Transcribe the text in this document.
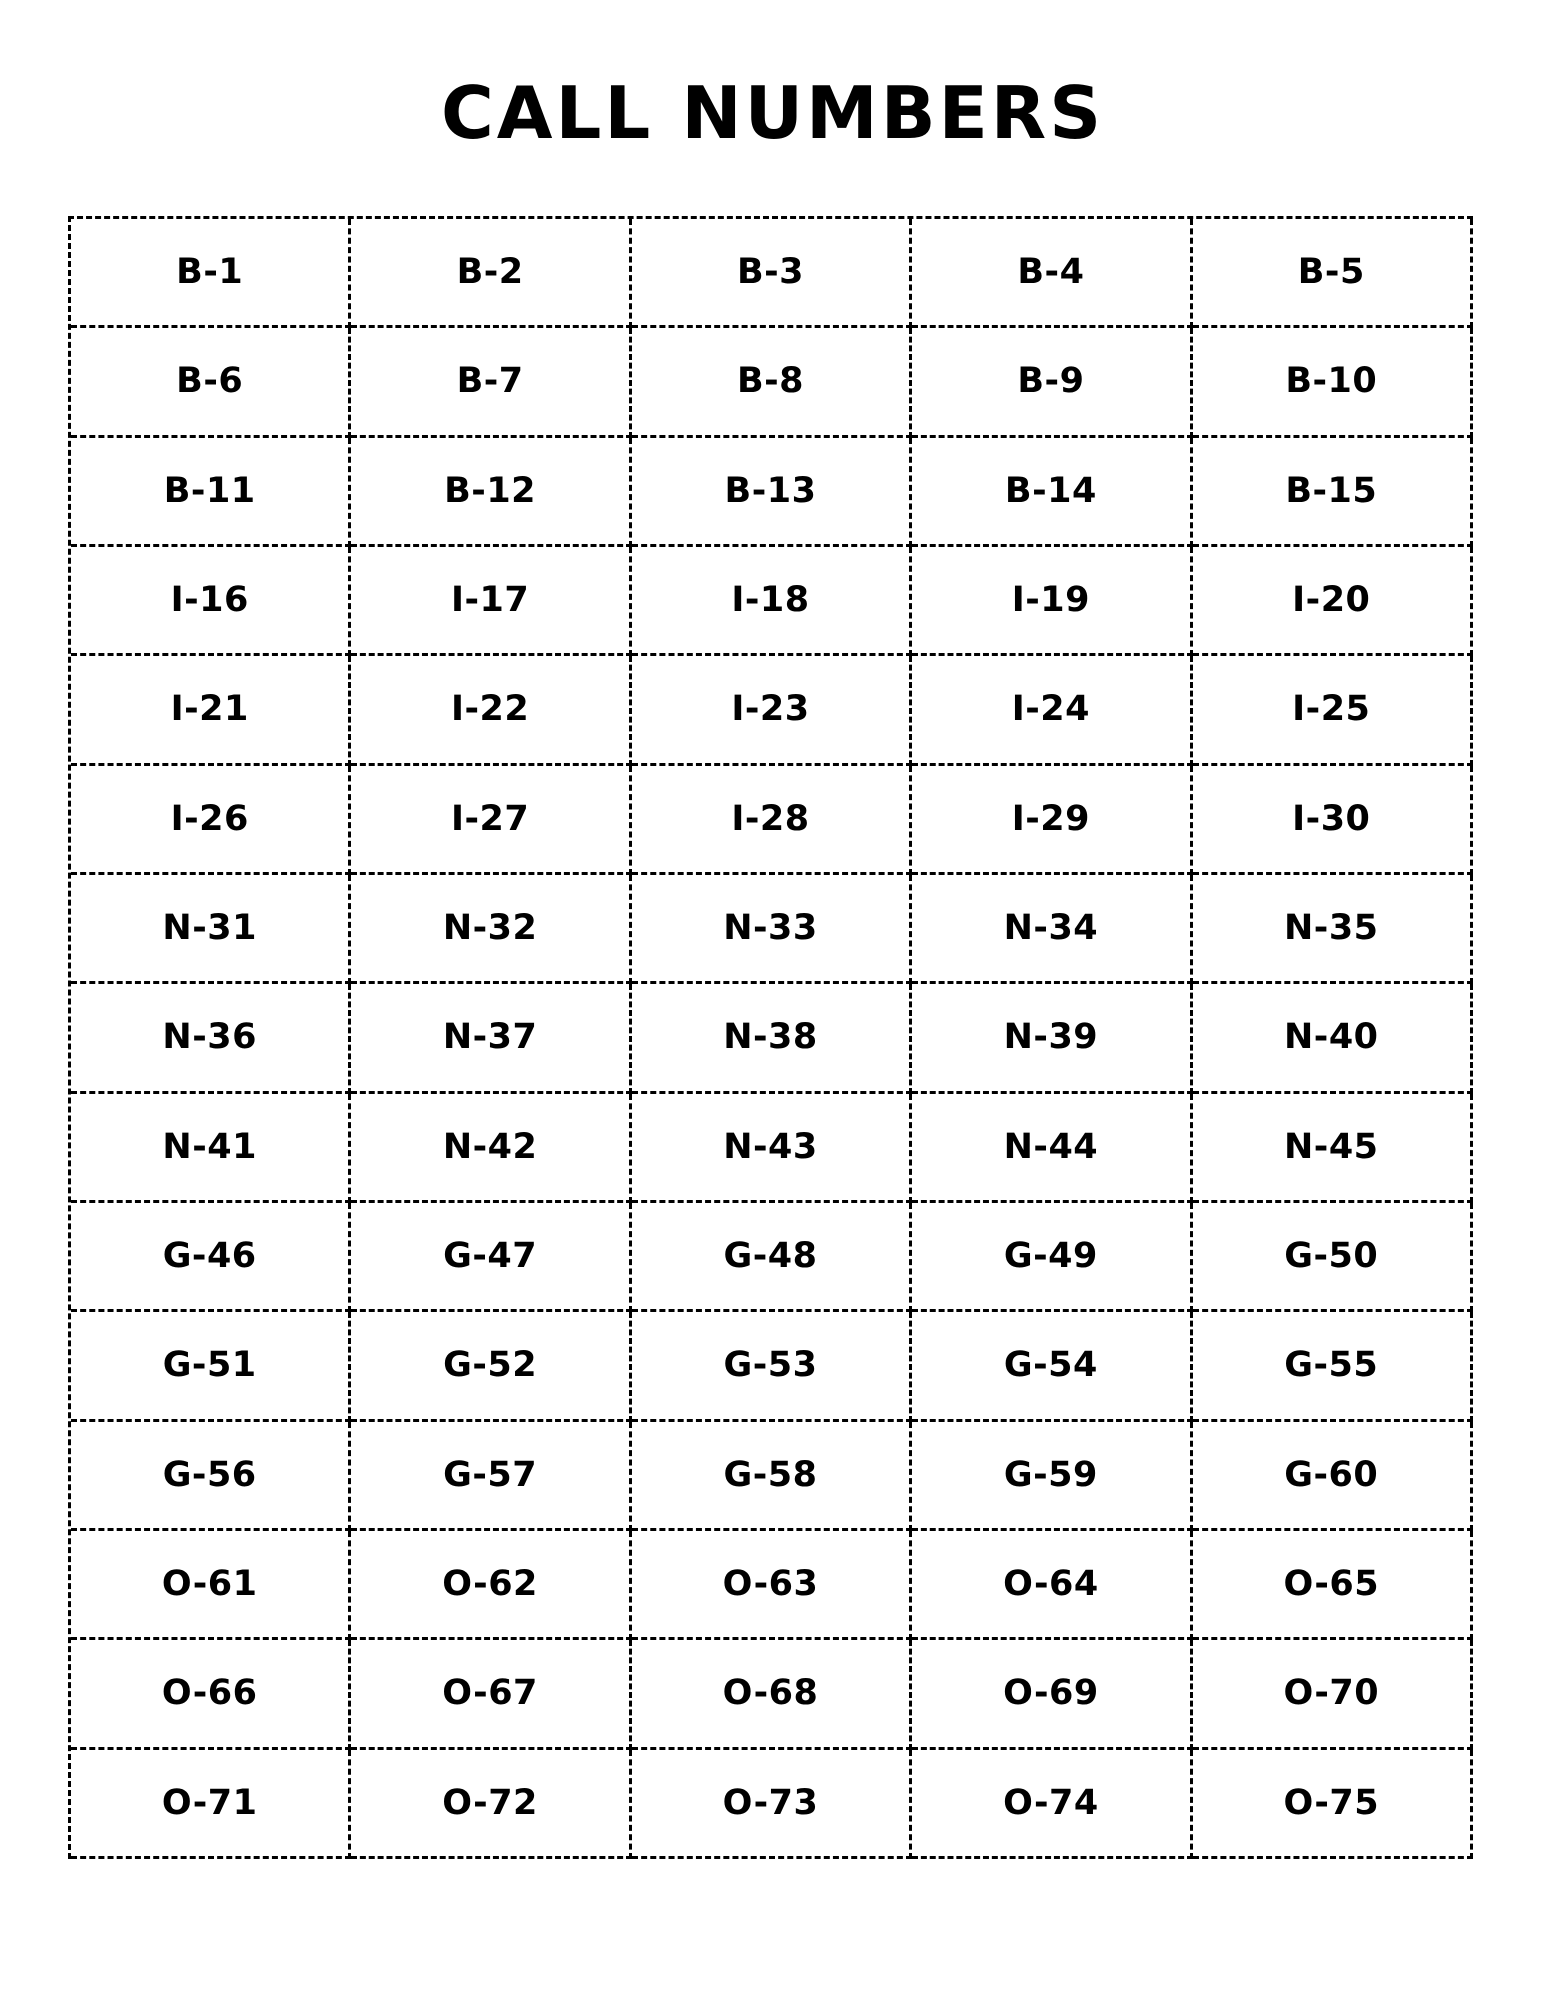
CALL NUMBERS
B-1	B-2	B-3	B-4	B-5
B-6	B-7	B-8	B-9	B-10
B-11	B-12	B-13	B-14	B-15
I-16	I-17	I-18	I-19	I-20
I-21	I-22	I-23	I-24	I-25
I-26	I-27	I-28	I-29	I-30
N-31	N-32	N-33	N-34	N-35
N-36	N-37	N-38	N-39	N-40
N-41	N-42	N-43	N-44	N-45
G-46	G-47	G-48	G-49	G-50
G-51	G-52	G-53	G-54	G-55
G-56	G-57	G-58	G-59	G-60
O-61	O-62	O-63	O-64	O-65
O-66	O-67	O-68	O-69	O-70
O-71	O-72	O-73	O-74	O-75
